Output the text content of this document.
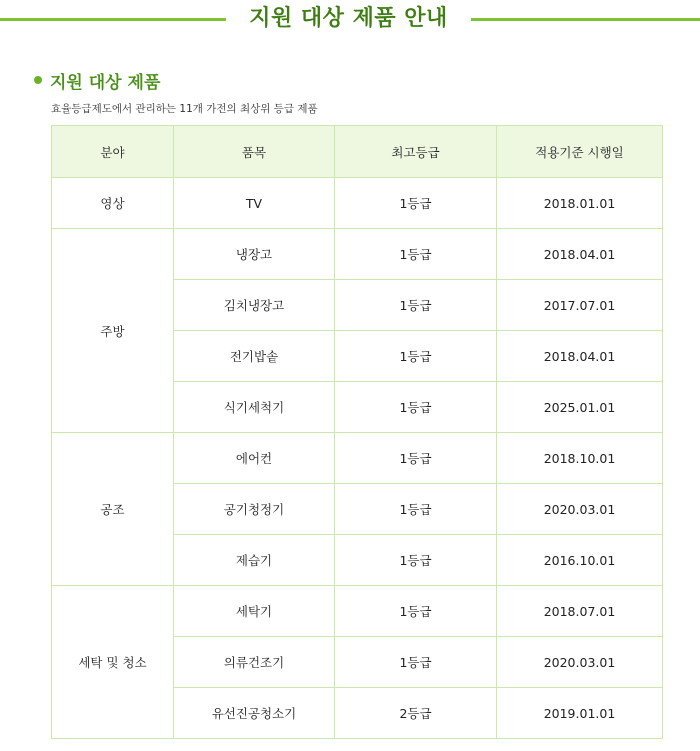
지원 대상 제품 안내
지원 대상 제품
효율등급제도에서 관리하는 11개 가전의 최상위 등급 제품
분야	품목	최고등급	적용기준 시행일
영상	TV	1등급	2018.01.01
주방	냉장고	1등급	2018.04.01
	김치냉장고	1등급	2017.07.01
	전기밥솥	1등급	2018.04.01
	식기세척기	1등급	2025.01.01
공조	에어컨	1등급	2018.10.01
	공기청정기	1등급	2020.03.01
	제습기	1등급	2016.10.01
세탁 및 청소	세탁기	1등급	2018.07.01
	의류건조기	1등급	2020.03.01
	유선진공청소기	2등급	2019.01.01
